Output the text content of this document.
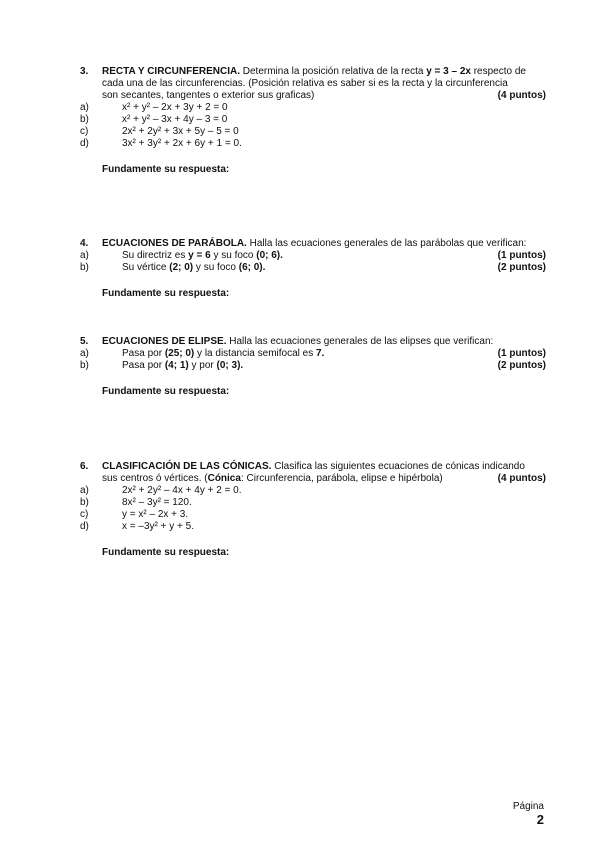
3. RECTA Y CIRCUNFERENCIA. Determina la posición relativa de la recta y = 3 – 2x respecto de
cada una de las circunferencias. (Posición relativa es saber si es la recta y la circunferencia
son secantes, tangentes o exterior sus graficas)	(4 puntos)
a)	x² + y² – 2x + 3y + 2 = 0
b)	x² + y² – 3x + 4y – 3 = 0
c)	2x² + 2y² + 3x + 5y – 5 = 0
d)	3x² + 3y² + 2x + 6y + 1 = 0.
Fundamente su respuesta:
4. ECUACIONES DE PARÁBOLA. Halla las ecuaciones generales de las parábolas que verifican:
a)	Su directriz es y = 6 y su foco (0; 6).	(1 puntos)
b)	Su vértice (2; 0) y su foco (6; 0).	(2 puntos)
Fundamente su respuesta:
5. ECUACIONES DE ELIPSE. Halla las ecuaciones generales de las elipses que verifican:
a)	Pasa por (25; 0) y la distancia semifocal es 7.	(1 puntos)
b)	Pasa por (4; 1) y por (0; 3).	(2 puntos)
Fundamente su respuesta:
6. CLASIFICACIÓN DE LAS CÓNICAS. Clasifica las siguientes ecuaciones de cónicas indicando
sus centros ó vértices. (Cónica: Circunferencia, parábola, elipse e hipérbola)	(4 puntos)
a)	2x² + 2y² – 4x + 4y + 2 = 0.
b)	8x² – 3y² = 120.
c)	y = x² – 2x + 3.
d)	x = –3y² + y + 5.
Fundamente su respuesta:
Página
2
